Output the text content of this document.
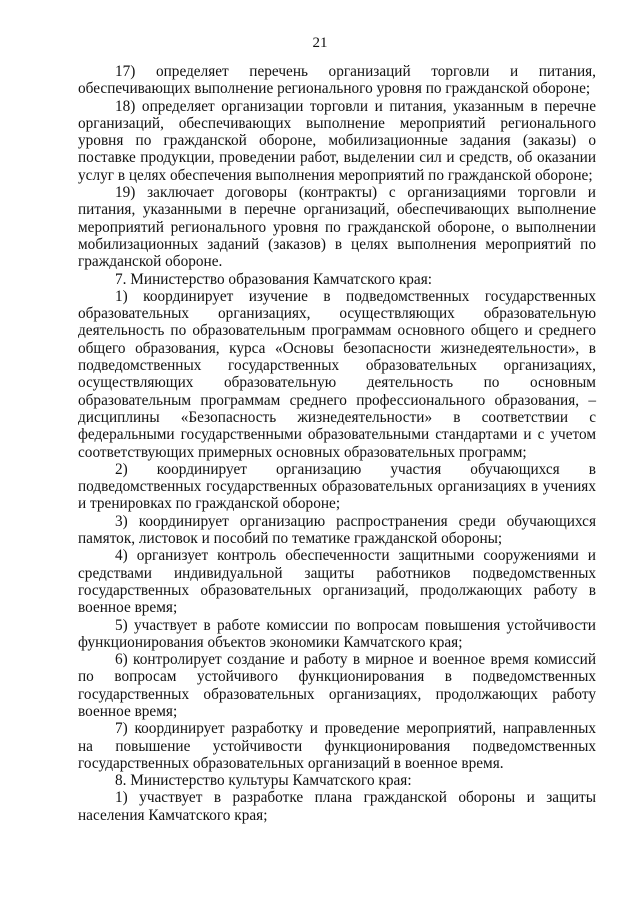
21

17) определяет перечень организаций торговли и питания, обеспечивающих выполнение регионального уровня по гражданской обороне;

18) определяет организации торговли и питания, указанным в перечне организаций, обеспечивающих выполнение мероприятий регионального уровня по гражданской обороне, мобилизационные задания (заказы) о поставке продукции, проведении работ, выделении сил и средств, об оказании услуг в целях обеспечения выполнения мероприятий по гражданской обороне;

19) заключает договоры (контракты) с организациями торговли и питания, указанными в перечне организаций, обеспечивающих выполнение мероприятий регионального уровня по гражданской обороне, о выполнении мобилизационных заданий (заказов) в целях выполнения мероприятий по гражданской обороне.

7. Министерство образования Камчатского края:

1) координирует изучение в подведомственных государственных образовательных организациях, осуществляющих образовательную деятельность по образовательным программам основного общего и среднего общего образования, курса «Основы безопасности жизнедеятельности», в подведомственных государственных образовательных организациях, осуществляющих образовательную деятельность по основным образовательным программам среднего профессионального образования, – дисциплины «Безопасность жизнедеятельности» в соответствии с федеральными государственными образовательными стандартами и с учетом соответствующих примерных основных образовательных программ;

2) координирует организацию участия обучающихся в подведомственных государственных образовательных организациях в учениях и тренировках по гражданской обороне;

3) координирует организацию распространения среди обучающихся памяток, листовок и пособий по тематике гражданской обороны;

4) организует контроль обеспеченности защитными сооружениями и средствами индивидуальной защиты работников подведомственных государственных образовательных организаций, продолжающих работу в военное время;

5) участвует в работе комиссии по вопросам повышения устойчивости функционирования объектов экономики Камчатского края;

6) контролирует создание и работу в мирное и военное время комиссий по вопросам устойчивого функционирования в подведомственных государственных образовательных организациях, продолжающих работу военное время;

7) координирует разработку и проведение мероприятий, направленных на повышение устойчивости функционирования подведомственных государственных образовательных организаций в военное время.

8. Министерство культуры Камчатского края:

1) участвует в разработке плана гражданской обороны и защиты населения Камчатского края;
